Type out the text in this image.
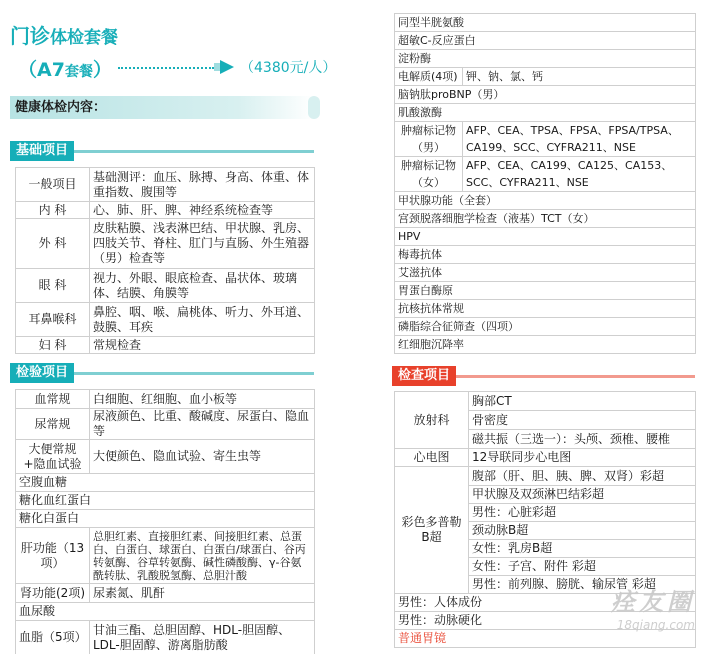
门诊体检套餐
（A7套餐）	（4380元/人）
健康体检内容：
基础项目
一般项目	基础测评：血压、脉搏、身高、体重、体重指数、腹围等
内 科	心、肺、肝、脾、神经系统检查等
外 科	皮肤粘膜、浅表淋巴结、甲状腺、乳房、四肢关节、脊柱、肛门与直肠、外生殖器（男）检查等
眼 科	视力、外眼、眼底检查、晶状体、玻璃体、结膜、角膜等
耳鼻喉科	鼻腔、咽、喉、扁桃体、听力、外耳道、鼓膜、耳疾
妇 科	常规检查
检验项目
血常规	白细胞、红细胞、血小板等
尿常规	尿液颜色、比重、酸碱度、尿蛋白、隐血等
大便常规+隐血试验	大便颜色、隐血试验、寄生虫等
空腹血糖	
糖化血红蛋白	
糖化白蛋白	
肝功能（13项）	总胆红素、直接胆红素、间接胆红素、总蛋白、白蛋白、球蛋白、白蛋白/球蛋白、谷丙转氨酶、谷草转氨酶、碱性磷酸酶、γ-谷氨酰转肽、乳酸脱氢酶、总胆汁酸
肾功能(2项)	尿素氮、肌酐
血尿酸	
血脂（5项）	甘油三酯、总胆固醇、HDL-胆固醇、LDL-胆固醇、游离脂肪酸
同型半胱氨酸	
超敏C-反应蛋白	
淀粉酶	
电解质(4项)	钾、钠、氯、钙
脑钠肽proBNP（男）	
肌酸激酶	
肿瘤标记物（男）	AFP、CEA、TPSA、FPSA、FPSA/TPSA、CA199、SCC、CYFRA211、NSE
肿瘤标记物（女）	AFP、CEA、CA199、CA125、CA153、SCC、CYFRA211、NSE
甲状腺功能（全套）	
宫颈脱落细胞学检查（液基）TCT（女）	
HPV	
梅毒抗体	
艾滋抗体	
胃蛋白酶原	
抗核抗体常规	
磷脂综合征筛查（四项）	
红细胞沉降率	
检查项目
放射科	胸部CT
	骨密度
	磁共振（三选一）：头颅、颈椎、腰椎
心电图	12导联同步心电图
彩色多普勒B超	腹部（肝、胆、胰、脾、双肾）彩超
	甲状腺及双颈淋巴结彩超
	男性：心脏彩超
	颈动脉B超
	女性：乳房B超
	女性：子宫、附件 彩超
	男性：前列腺、膀胱、输尿管 彩超
男性：人体成份	
男性：动脉硬化	
普通胃镜	
痊友圈
18qiang.com
